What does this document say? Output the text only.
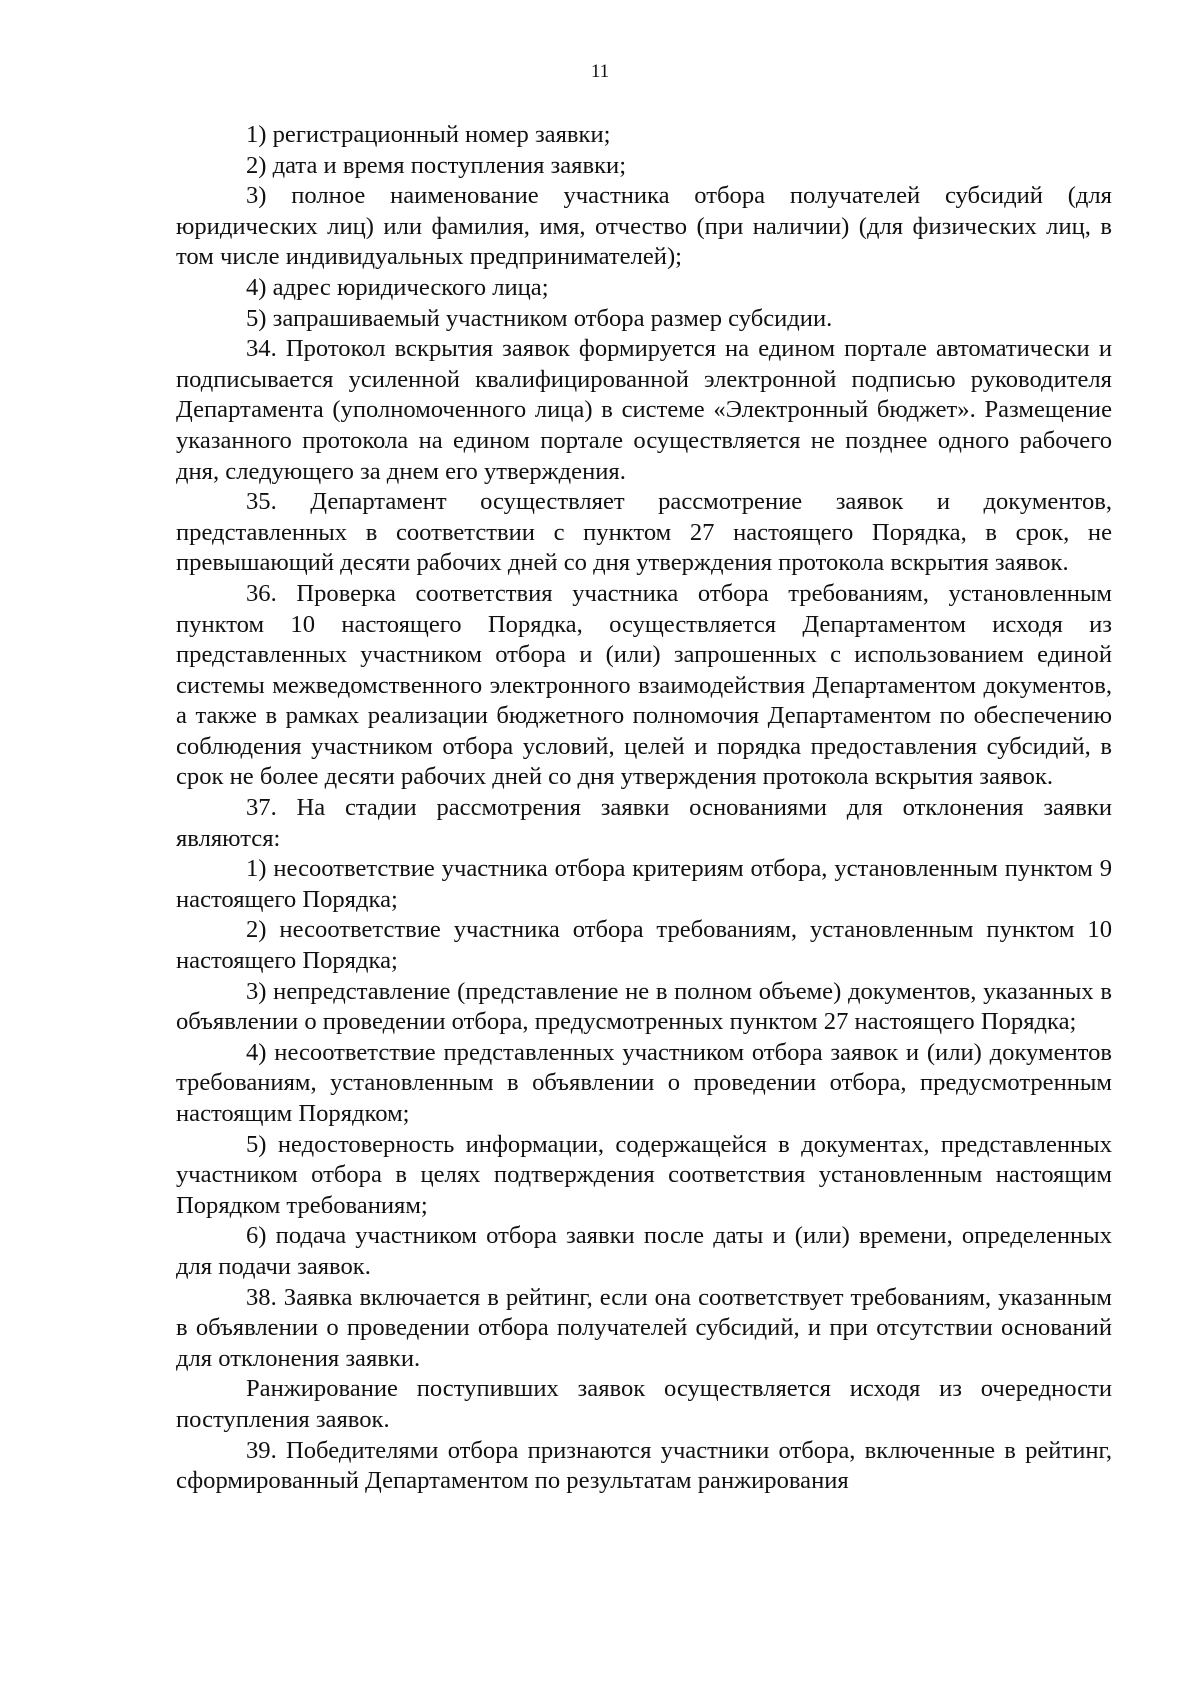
11

1) регистрационный номер заявки;

2) дата и время поступления заявки;

3) полное наименование участника отбора получателей субсидий (для юридических лиц) или фамилия, имя, отчество (при наличии) (для физических лиц, в том числе индивидуальных предпринимателей);

4) адрес юридического лица;

5) запрашиваемый участником отбора размер субсидии.

34. Протокол вскрытия заявок формируется на едином портале автоматически и подписывается усиленной квалифицированной электронной подписью руководителя Департамента (уполномоченного лица) в системе «Электронный бюджет». Размещение указанного протокола на едином портале осуществляется не позднее одного рабочего дня, следующего за днем его утверждения.

35. Департамент осуществляет рассмотрение заявок и документов, представленных в соответствии с пунктом 27 настоящего Порядка, в срок, не превышающий десяти рабочих дней со дня утверждения протокола вскрытия заявок.

36. Проверка соответствия участника отбора требованиям, установленным пунктом 10 настоящего Порядка, осуществляется Департаментом исходя из представленных участником отбора и (или) запрошенных с использованием единой системы межведомственного электронного взаимодействия Департаментом документов, а также в рамках реализации бюджетного полномочия Департаментом по обеспечению соблюдения участником отбора условий, целей и порядка предоставления субсидий, в срок не более десяти рабочих дней со дня утверждения протокола вскрытия заявок.

37. На стадии рассмотрения заявки основаниями для отклонения заявки являются:

1) несоответствие участника отбора критериям отбора, установленным пунктом 9 настоящего Порядка;

2) несоответствие участника отбора требованиям, установленным пунктом 10 настоящего Порядка;

3) непредставление (представление не в полном объеме) документов, указанных в объявлении о проведении отбора, предусмотренных пунктом 27 настоящего Порядка;

4) несоответствие представленных участником отбора заявок и (или) документов требованиям, установленным в объявлении о проведении отбора, предусмотренным настоящим Порядком;

5) недостоверность информации, содержащейся в документах, представленных участником отбора в целях подтверждения соответствия установленным настоящим Порядком требованиям;

6) подача участником отбора заявки после даты и (или) времени, определенных для подачи заявок.

38. Заявка включается в рейтинг, если она соответствует требованиям, указанным в объявлении о проведении отбора получателей субсидий, и при отсутствии оснований для отклонения заявки.

Ранжирование поступивших заявок осуществляется исходя из очередности поступления заявок.

39. Победителями отбора признаются участники отбора, включенные в рейтинг, сформированный Департаментом по результатам ранжирования
